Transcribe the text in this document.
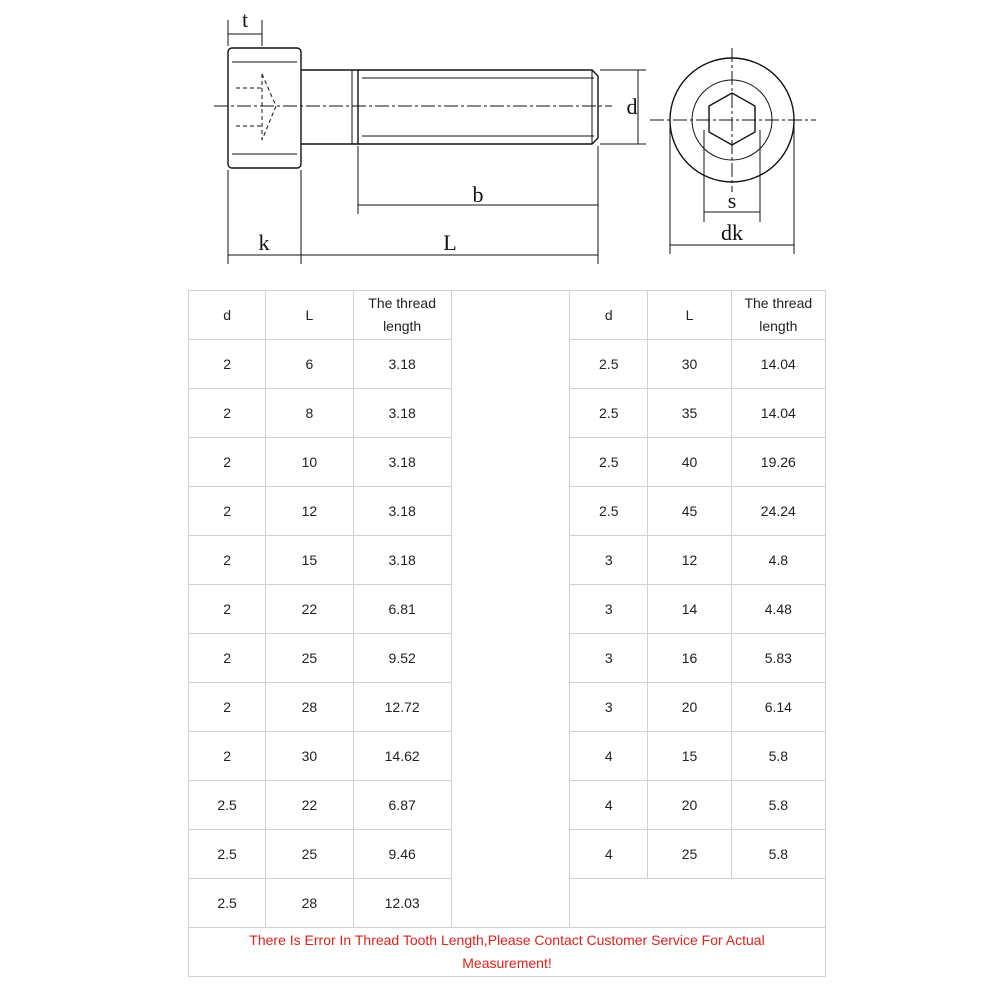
t
k	L
b
d
s
dk
d	L	The thread
length		d	L	The thread
length
2	6	3.18		2.5	30	14.04
2	8	3.18		2.5	35	14.04
2	10	3.18		2.5	40	19.26
2	12	3.18		2.5	45	24.24
2	15	3.18		3	12	4.8
2	22	6.81		3	14	4.48
2	25	9.52		3	16	5.83
2	28	12.72		3	20	6.14
2	30	14.62		4	15	5.8
2.5	22	6.87		4	20	5.8
2.5	25	9.46		4	25	5.8
2.5	28	12.03				
There Is Error In Thread Tooth Length,Please Contact Customer Service For Actual
Measurement!						
